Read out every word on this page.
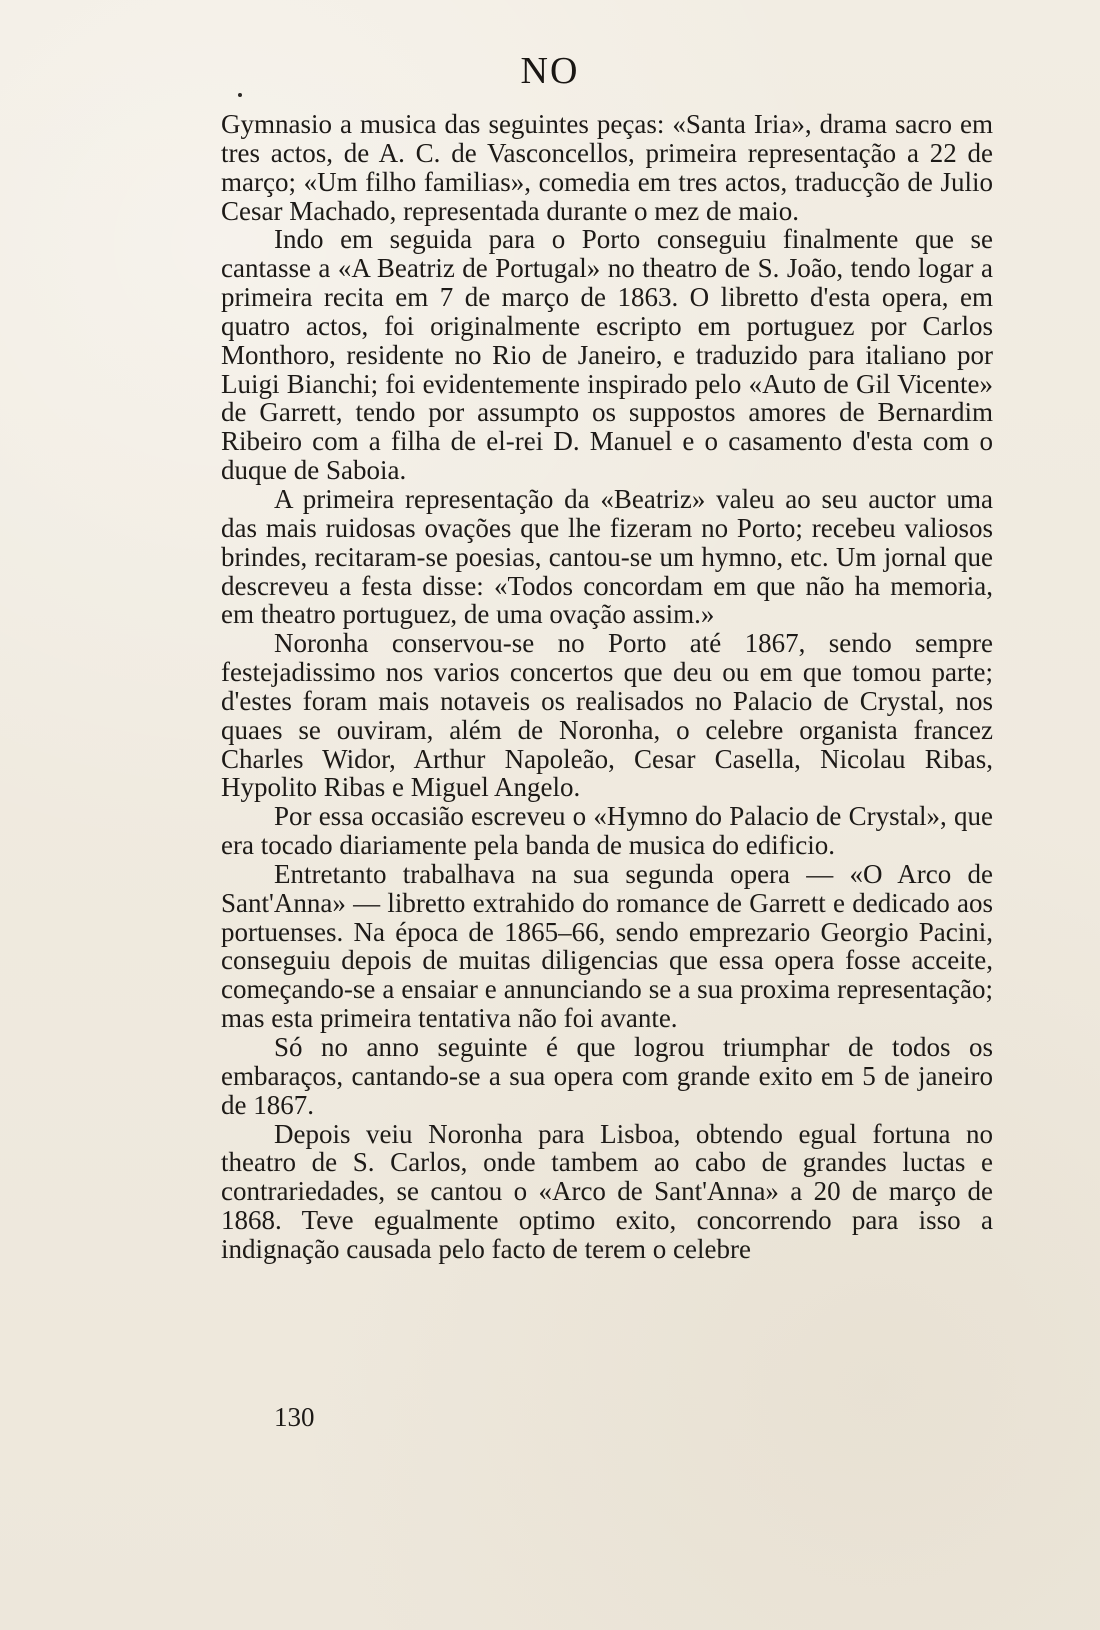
NO

Gymnasio a musica das seguintes peças: «Santa Iria», drama sacro em tres actos, de A. C. de Vasconcellos, primeira representação a 22 de março; «Um filho familias», comedia em tres actos, traducção de Julio Cesar Machado, representada durante o mez de maio.

Indo em seguida para o Porto conseguiu finalmente que se cantasse a «A Beatriz de Portugal» no theatro de S. João, tendo logar a primeira recita em 7 de março de 1863. O libretto d'esta opera, em quatro actos, foi originalmente escripto em portuguez por Carlos Monthoro, residente no Rio de Janeiro, e traduzido para italiano por Luigi Bianchi; foi evidentemente inspirado pelo «Auto de Gil Vicente» de Garrett, tendo por assumpto os suppostos amores de Bernardim Ribeiro com a filha de el-rei D. Manuel e o casamento d'esta com o duque de Saboia.

A primeira representação da «Beatriz» valeu ao seu auctor uma das mais ruidosas ovações que lhe fizeram no Porto; recebeu valiosos brindes, recitaram-se poesias, cantou-se um hymno, etc. Um jornal que descreveu a festa disse: «Todos concordam em que não ha memoria, em theatro portuguez, de uma ovação assim.»

Noronha conservou-se no Porto até 1867, sendo sempre festejadissimo nos varios concertos que deu ou em que tomou parte; d'estes foram mais notaveis os realisados no Palacio de Crystal, nos quaes se ouviram, além de Noronha, o celebre organista francez Charles Widor, Arthur Napoleão, Cesar Casella, Nicolau Ribas, Hypolito Ribas e Miguel Angelo.

Por essa occasião escreveu o «Hymno do Palacio de Crystal», que era tocado diariamente pela banda de musica do edificio.

Entretanto trabalhava na sua segunda opera — «O Arco de Sant'Anna» — libretto extrahido do romance de Garrett e dedicado aos portuenses. Na época de 1865–66, sendo emprezario Georgio Pacini, conseguiu depois de muitas diligencias que essa opera fosse acceite, começando-se a ensaiar e annunciando se a sua proxima representação; mas esta primeira tentativa não foi avante.

Só no anno seguinte é que logrou triumphar de todos os embaraços, cantando-se a sua opera com grande exito em 5 de janeiro de 1867.

Depois veiu Noronha para Lisboa, obtendo egual fortuna no theatro de S. Carlos, onde tambem ao cabo de grandes luctas e contrariedades, se cantou o «Arco de Sant'Anna» a 20 de março de 1868. Teve egualmente optimo exito, concorrendo para isso a indignação causada pelo facto de terem o celebre

130
